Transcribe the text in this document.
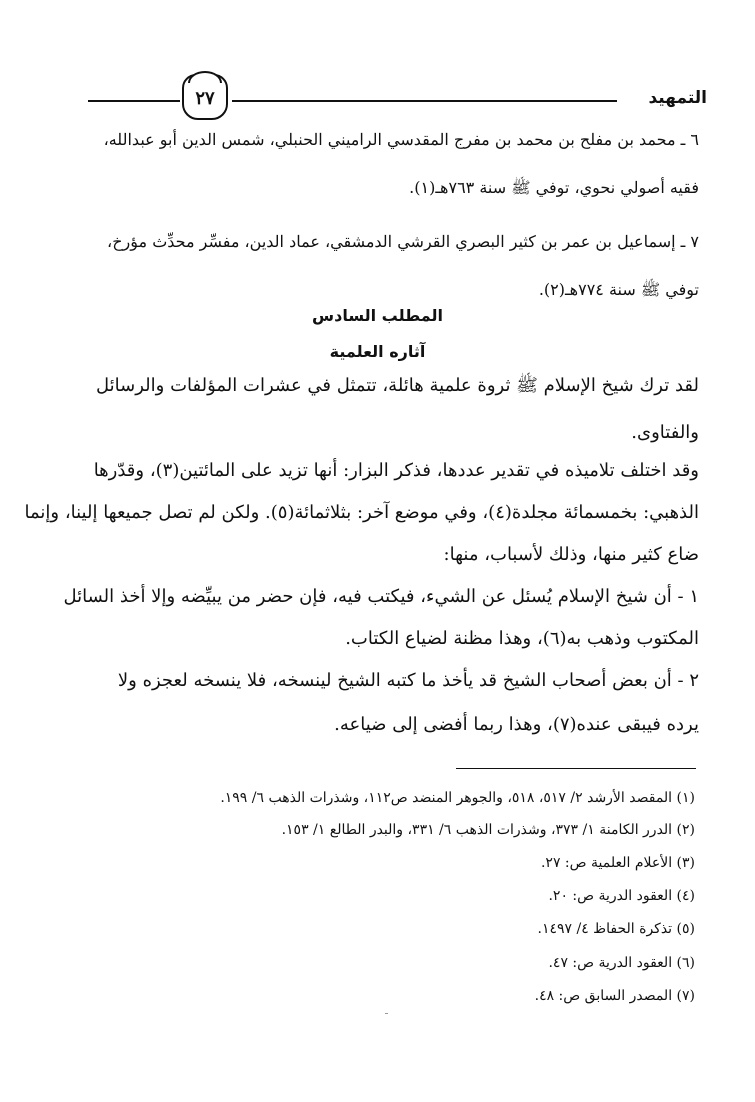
التمهيد
٢٧
٦ ـ محمد بن مفلح بن محمد بن مفرج المقدسي الراميني الحنبلي، شمس الدين أبو عبدالله،
فقيه أصولي نحوي، توفي ﷺ سنة ٧٦٣هـ(١).
٧ ـ إسماعيل بن عمر بن كثير البصري القرشي الدمشقي، عماد الدين، مفسِّر محدِّث مؤرخ،
توفي ﷺ سنة ٧٧٤هـ(٢).
المطلب السادس
آثاره العلمية
لقد ترك شيخ الإسلام ﷺ ثروة علمية هائلة، تتمثل في عشرات المؤلفات والرسائل
والفتاوى.
وقد اختلف تلاميذه في تقدير عددها، فذكر البزار: أنها تزيد على المائتين(٣)، وقدّرها
الذهبي: بخمسمائة مجلدة(٤)، وفي موضع آخر: بثلاثمائة(٥). ولكن لم تصل جميعها إلينا، وإنما
ضاع كثير منها، وذلك لأسباب، منها:
١ - أن شيخ الإسلام يُسئل عن الشيء، فيكتب فيه، فإن حضر من يبيِّضه وإلا أخذ السائل
المكتوب وذهب به(٦)، وهذا مظنة لضياع الكتاب.
٢ - أن بعض أصحاب الشيخ قد يأخذ ما كتبه الشيخ لينسخه، فلا ينسخه لعجزه ولا
يرده فيبقى عنده(٧)، وهذا ربما أفضى إلى ضياعه.
(١) المقصد الأرشد ٢/ ٥١٧، ٥١٨، والجوهر المنضد ص١١٢، وشذرات الذهب ٦/ ١٩٩.
(٢) الدرر الكامنة ١/ ٣٧٣، وشذرات الذهب ٦/ ٣٣١، والبدر الطالع ١/ ١٥٣.
(٣) الأعلام العلمية ص: ٢٧.
(٤) العقود الدرية ص: ٢٠.
(٥) تذكرة الحفاظ ٤/ ١٤٩٧.
(٦) العقود الدرية ص: ٤٧.
(٧) المصدر السابق ص: ٤٨.
